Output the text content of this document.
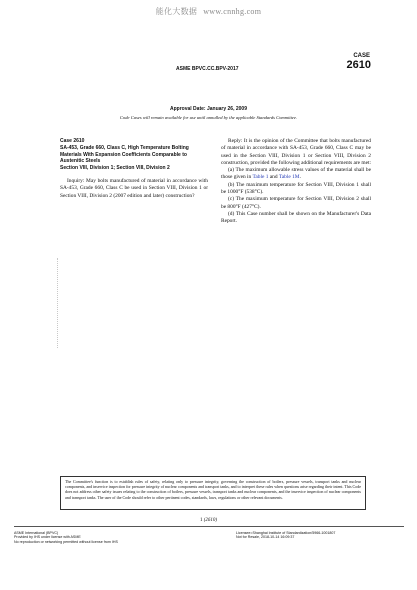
能化大数据 www.cnnhg.com
ASME BPVC.CC.BPV-2017
CASE
2610
Approval Date: January 26, 2009
Code Cases will remain available for use until annulled by the applicable Standards Committee.
Case 2610
SA-453, Grade 660, Class C, High Temperature Bolting
Materials With Expansion Coefficients Comparable to
Austenitic Steels
Section VIII, Division 1; Section VIII, Division 2

Inquiry: May bolts manufactured of material in accordance with SA-453, Grade 660, Class C be used in Section VIII, Division 1 or Section VIII, Division 2 (2007 edition and later) construction?

Reply: It is the opinion of the Committee that bolts manufactured of material in accordance with SA-453, Grade 660, Class C may be used in the Section VIII, Division 1 or Section VIII, Division 2 construction, provided the following additional requirements are met:

(a) The maximum allowable stress values of the material shall be those given in Table 1 and Table 1M.

(b) The maximum temperature for Section VIII, Division 1 shall be 1000°F (538°C).

(c) The maximum temperature for Section VIII, Division 2 shall be 800°F (427°C).

(d) This Case number shall be shown on the Manufacturer's Data Report.

The Committee's function is to establish rules of safety, relating only to pressure integrity, governing the construction of boilers, pressure vessels, transport tanks and nuclear components, and inservice inspection for pressure integrity of nuclear components and transport tanks, and to interpret these rules when questions arise regarding their intent. This Code does not address other safety issues relating to the construction of boilers, pressure vessels, transport tanks and nuclear components, and the inservice inspection of nuclear components and transport tanks. The user of the Code should refer to other pertinent codes, standards, laws, regulations or other relevant documents.
1 (2610)
ASME International (BPVC)
Provided by IHS under license with ASME
No reproduction or networking permitted without license from IHS
Licensee=Shanghai Institute of Standardization/5966-1001807
Not for Resale, 2018-10-14 16:09:37
